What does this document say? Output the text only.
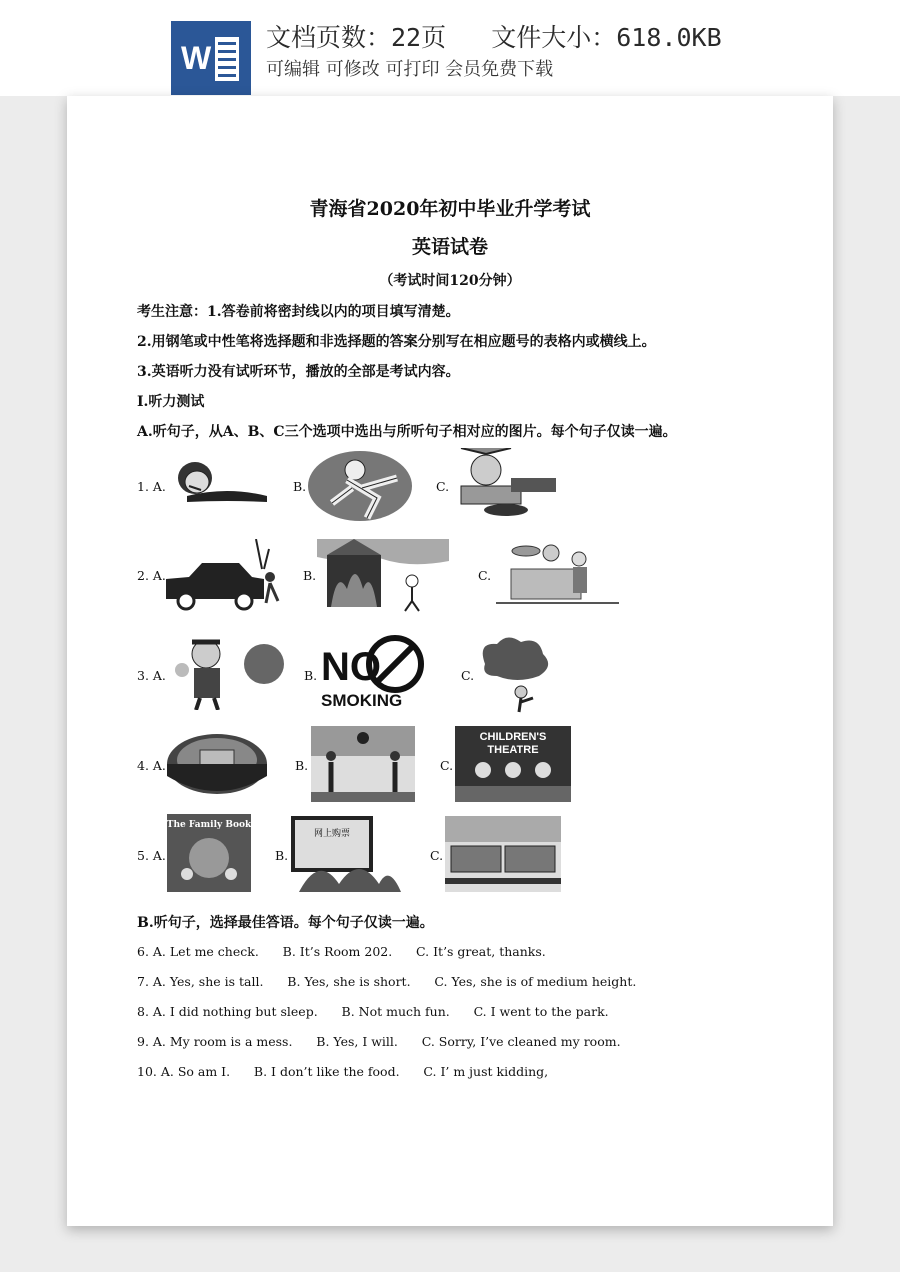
W
文档页数：22页   文件大小：618.0KB
可编辑 可修改 可打印 会员免费下载
青海省2020年初中毕业升学考试
英语试卷
（考试时间120分钟）
考生注意：1.答卷前将密封线以内的项目填写清楚。
2.用钢笔或中性笔将选择题和非选择题的答案分别写在相应题号的表格内或横线上。
3.英语听力没有试听环节，播放的全部是考试内容。
Ⅰ.听力测试
A.听句子，从A、B、C三个选项中选出与所听句子相对应的图片。每个句子仅读一遍。
1. A.	B.	C.
2. A.	B.	C.
3. A.	B. NO
SMOKING
C.
4. A.	B.	C.
CHILDREN'S
THEATRE
5. A.
The Family Book
B.
网上购票
C.
B.听句子，选择最佳答语。每个句子仅读一遍。
6. A. Let me check.      B. It’s Room 202.      C. It’s great, thanks.
7. A. Yes, she is tall.      B. Yes, she is short.      C. Yes, she is of medium height.
8. A. I did nothing but sleep.      B. Not much fun.      C. I went to the park.
9. A. My room is a mess.      B. Yes, I will.      C. Sorry, I’ve cleaned my room.
10. A. So am I.      B. I don’t like the food.      C. I’ m just kidding,
